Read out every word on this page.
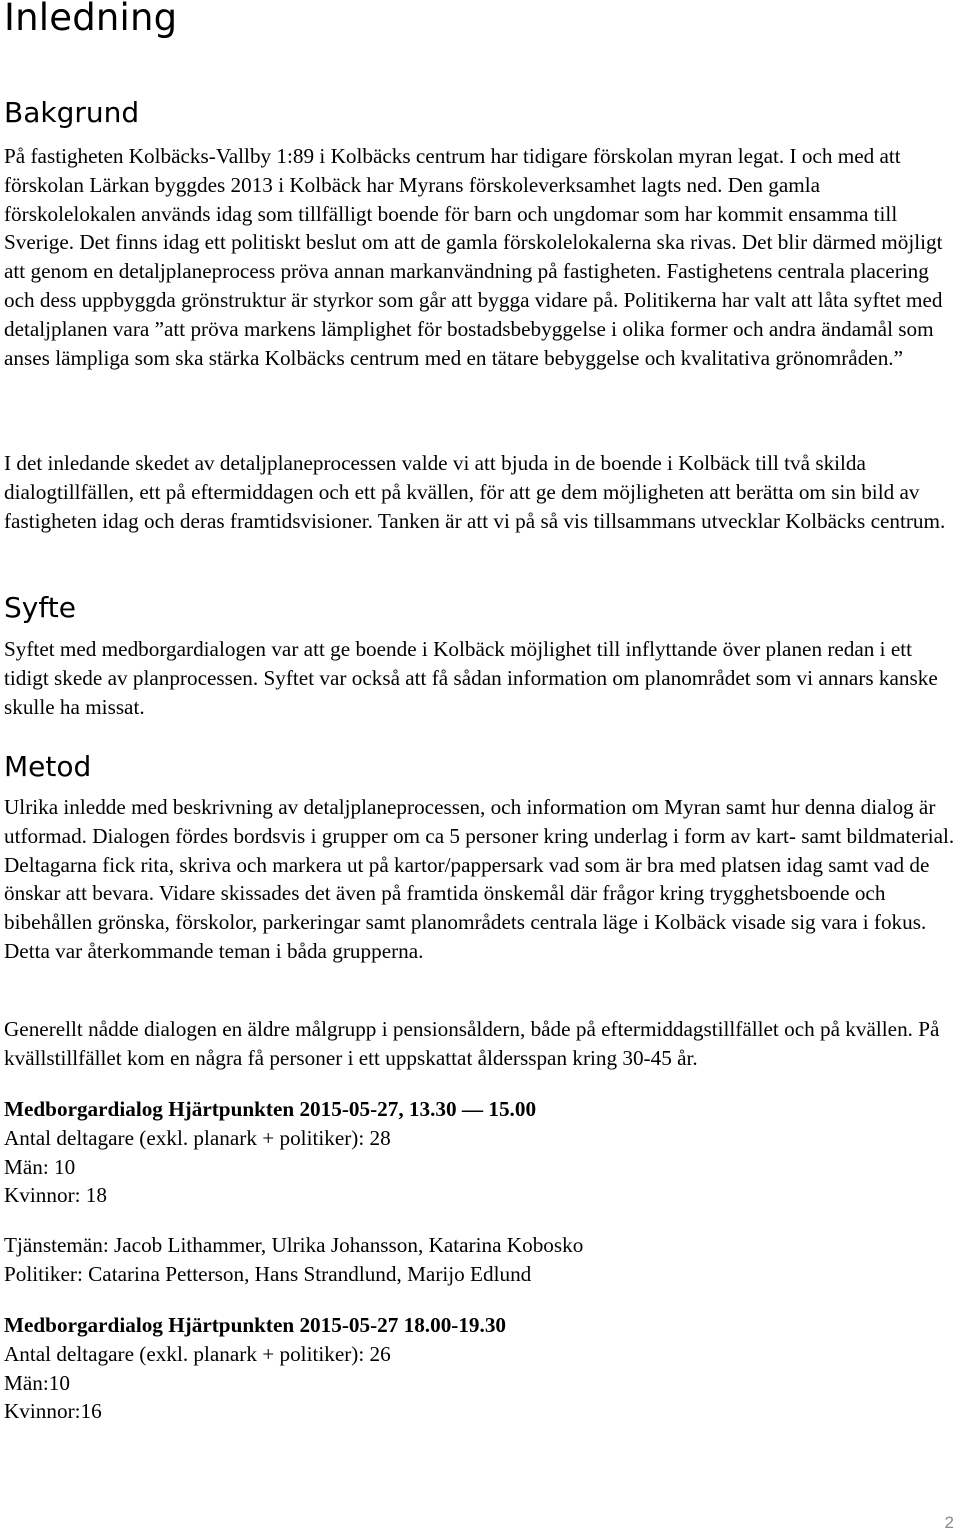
Inledning
Bakgrund

På fastigheten Kolbäcks-Vallby 1:89 i Kolbäcks centrum har tidigare förskolan myran legat. I och med att förskolan Lärkan byggdes 2013 i Kolbäck har Myrans förskoleverksamhet lagts ned. Den gamla förskolelokalen används idag som tillfälligt boende för barn och ungdomar som har kommit ensamma till Sverige. Det finns idag ett politiskt beslut om att de gamla förskolelokalerna ska rivas. Det blir därmed möjligt att genom en detaljplaneprocess pröva annan markanvändning på fastigheten. Fastighetens centrala placering och dess uppbyggda grönstruktur är styrkor som går att bygga vidare på. Politikerna har valt att låta syftet med detaljplanen vara ”att pröva markens lämplighet för bostadsbebyggelse i olika former och andra ändamål som anses lämpliga som ska stärka Kolbäcks centrum med en tätare bebyggelse och kvalitativa grönområden.”

I det inledande skedet av detaljplaneprocessen valde vi att bjuda in de boende i Kolbäck till två skilda dialogtillfällen, ett på eftermiddagen och ett på kvällen, för att ge dem möjligheten att berätta om sin bild av fastigheten idag och deras framtidsvisioner. Tanken är att vi på så vis tillsammans utvecklar Kolbäcks centrum.

Syfte

Syftet med medborgardialogen var att ge boende i Kolbäck möjlighet till inflyttande över planen redan i ett tidigt skede av planprocessen. Syftet var också att få sådan information om planområdet som vi annars kanske skulle ha missat.

Metod

Ulrika inledde med beskrivning av detaljplaneprocessen, och information om Myran samt hur denna dialog är utformad. Dialogen fördes bordsvis i grupper om ca 5 personer kring underlag i form av kart- samt bildmaterial. Deltagarna fick rita, skriva och markera ut på kartor/pappersark vad som är bra med platsen idag samt vad de önskar att bevara. Vidare skissades det även på framtida önskemål där frågor kring trygghetsboende och bibehållen grönska, förskolor, parkeringar samt planområdets centrala läge i Kolbäck visade sig vara i fokus. Detta var återkommande teman i båda grupperna.

Generellt nådde dialogen en äldre målgrupp i pensionsåldern, både på eftermiddagstillfället och på kvällen. På kvällstillfället kom en några få personer i ett uppskattat åldersspan kring 30-45 år.

Medborgardialog Hjärtpunkten 2015-05-27, 13.30 — 15.00
Antal deltagare (exkl. planark + politiker): 28
Män: 10
Kvinnor: 18
Tjänstemän: Jacob Lithammer, Ulrika Johansson, Katarina Kobosko
Politiker: Catarina Petterson, Hans Strandlund, Marijo Edlund
Medborgardialog Hjärtpunkten 2015-05-27 18.00-19.30
Antal deltagare (exkl. planark + politiker): 26
Män:10
Kvinnor:16
2
